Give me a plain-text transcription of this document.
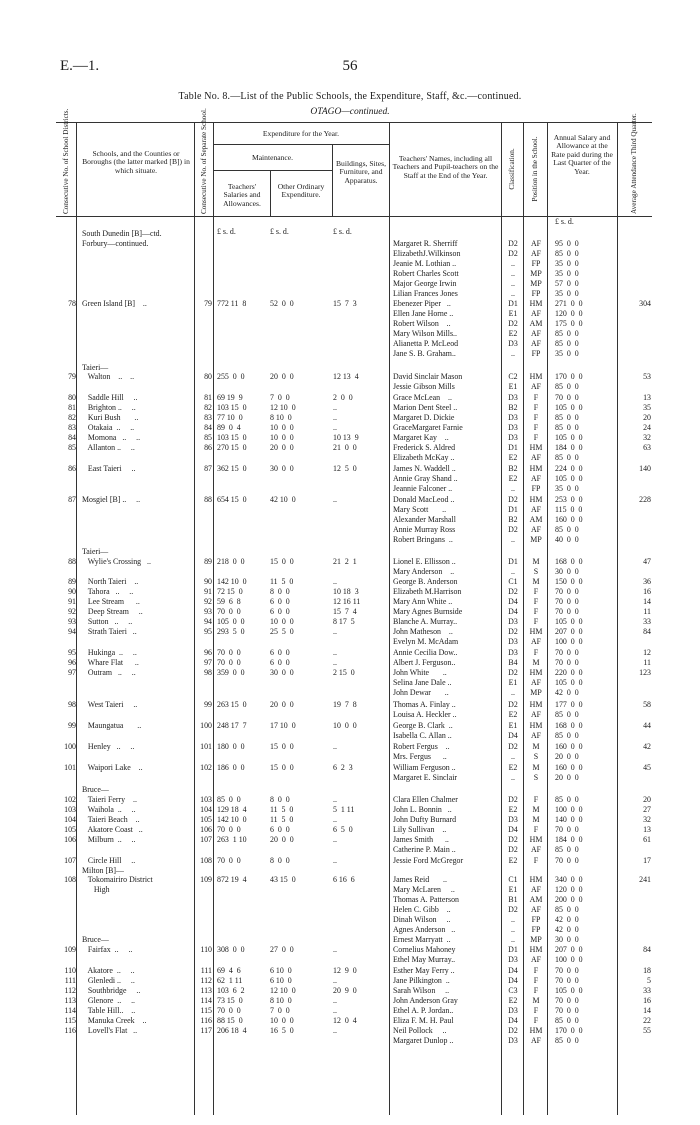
E.—1.	56
Table No. 8.—List of the Public Schools, the Expenditure, Staff, &c.—continued.
OTAGO—continued.
Consecutive No. of School Districts.	Schools, and the Counties or Boroughs (the latter marked [B]) in which situate.	Consecutive No. of Separate School.	Expenditure for the Year.
Maintenance.
Teachers' Salaries and Allowances.
Other Ordinary Expenditure.
Buildings, Sites, Furniture, and Apparatus.
Teachers' Names, including all Teachers and Pupil-teachers on the Staff at the End of the Year.	Classification. Position in the School.	Annual Salary and Allowance at the Rate paid during the Last Quarter of the Year.	Average Attendance Third Quarter.
£ s. d.	£ s. d.	£ s. d.
£ s. d.
South Dunedin [B]—ctd.
Forbury—continued.	Margaret R. Sherriff	D2	AF	95  0  0
ElizabethJ.Wilkinson	D2	AF	85  0  0
Jeanie M. Lothian ..	..	FP	35  0  0
Robert Charles Scott	..	MP	35  0  0
Major George Irwin	..	MP	57  0  0
Lilian Frances Jones	..	FP	35  0  0
78 Green Island [B]    ..	79 772 11  8	52  0  0	15  7  3	Ebenezer Piper   ..	D1	HM	271  0  0	304
Ellen Jane Horne ..	E1	AF	120  0  0
Robert Wilson    ..	D2	AM	175  0  0
Mary Wilson Mills..	E2	AF	85  0  0
Alianetta P. McLeod	D3	AF	85  0  0
Jane S. B. Graham..	..	FP	35  0  0
Taieri—
79 Walton    ..    ..	80 255  0  0	20  0  0	12 13  4	David Sinclair Mason	C2	HM	170  0  0	53
Jessie Gibson Mills	E1	AF	85  0  0
80 Saddle Hill     ..	81 69 19  9	7  0  0	2  0  0	Grace McLean    ..	D3	F	70  0  0	13
81 Brighton ..     ..	82 103 15  0	12 10  0	..	Marion Dent Steel ..	B2	F	105  0  0	35
82 Kuri Bush       ..	83 77 10  0	8 10  0	..	Margaret D. Dickie	D3	F	85  0  0	20
83 Otakaia  ..     ..	84 89  0  4	10  0  0	..	GraceMargaret Farnie	D3	F	85  0  0	24
84 Momona   ..     ..	85 103 15  0	10  0  0	10 13  9	Margaret Kay    ..	D3	F	105  0  0	32
85 Allanton ..     ..	86 270 15  0	20  0  0	21  0  0	Frederick S. Aldred	D1	HM	184  0  0	63
Elizabeth McKay ..	E2	AF	85  0  0
86 East Taieri     ..	87 362 15  0	30  0  0	12  5  0	James N. Waddell ..	B2	HM	224  0  0	140
Annie Gray Shand ..	E2	AF	105  0  0
Jeannie Falconer ..	..	FP	35  0  0
87 Mosgiel [B] ..     ..	88 654 15  0	42 10  0	..	Donald MacLeod ..	D2	HM	253  0  0	228
Mary Scott       ..	D1	AF	115  0  0
Alexander Marshall	B2	AM	160  0  0
Annie Murray Ross	D2	AF	85  0  0
Robert Bringans  ..	..	MP	40  0  0
Taieri—
88 Wylie's Crossing   ..	89 218  0  0	15  0  0	21  2  1	Lionel E. Ellisson ..	D1	M	168  0  0	47
Mary Anderson    ..	..	S	30  0  0
89 North Taieri    ..	90 142 10  0	11  5  0	..	George B. Anderson	C1	M	150  0  0	36
90 Tahora   ..     ..	91 72 15  0	8  0  0	10 18  3	Elizabeth M.Harrison	D2	F	70  0  0	16
91 Lee Stream      ..	92 59  6  8	6  0  0	12 16 11	Mary Ann White ..	D4	F	70  0  0	14
92 Deep Stream     ..	93 70  0  0	6  0  0	15  7  4	Mary Agnes Burnside	D4	F	70  0  0	11
93 Sutton   ..     ..	94 105  0  0	10  0  0	8 17  5	Blanche A. Murray..	D3	F	105  0  0	33
94 Strath Taieri   ..	95 293  5  0	25  5  0	..	John Matheson    ..	D2	HM	207  0  0	84
Evelyn M. McAdam	D3	AF	100  0  0
95 Hukinga  ..     ..	96 70  0  0	6  0  0	..	Annie Cecilia Dow..	D3	F	70  0  0	12
96 Whare Flat      ..	97 70  0  0	6  0  0	..	Albert J. Ferguson..	B4	M	70  0  0	11
97 Outram   ..     ..	98 359  0  0	30  0  0	2 15  0	John White       ..	D2	HM	220  0  0	123
Selina Jane Dale ..	E1	AF	105  0  0
John Dewar       ..	..	MP	42  0  0
98 West Taieri     ..	99 263 15  0	20  0  0	19  7  8	Thomas A. Finlay ..	D2	HM	177  0  0	58
Louisa A. Heckler ..	E2	AF	85  0  0
99 Maungatua       ..	100 248 17  7	17 10  0	10  0  0	George B. Clark  ..	E1	HM	168  0  0	44
Isabella C. Allan ..	D4	AF	85  0  0
100 Henley   ..     ..	101 180  0  0	15  0  0	..	Robert Fergus    ..	D2	M	160  0  0	42
Mrs. Fergus      ..	..	S	20  0  0
101 Waipori Lake    ..	102 186  0  0	15  0  0	6  2  3	William Ferguson ..	E2	M	160  0  0	45
Margaret E. Sinclair	..	S	20  0  0
Bruce—
102 Taieri Ferry    ..	103 85  0  0	8  0  0	..	Clara Ellen Chalmer	D2	F	85  0  0	20
103 Waihola  ..     ..	104 129 18  4	11  5  0	5  1 11	John L. Bonnin   ..	E2	M	100  0  0	27
104 Taieri Beach    ..	105 142 10  0	11  5  0	..	John Dufty Burnard	D3	M	140  0  0	32
105 Akatore Coast   ..	106 70  0  0	6  0  0	6  5  0	Lily Sullivan    ..	D4	F	70  0  0	13
106 Milburn  ..     ..	107 263  1 10	20  0  0	..	James Smith      ..	D2	HM	184  0  0	61
Catherine P. Main ..	D2	AF	85  0  0
107 Circle Hill     ..	108 70  0  0	8  0  0	..	Jessie Ford McGregor	E2	F	70  0  0	17
Milton [B]—
108 Tokomairiro District	109 872 19  4	43 15  0	6 16  6	James Reid       ..	C1	HM	340  0  0	241
High	Mary McLaren     ..	E1	AF	120  0  0
Thomas A. Patterson	B1	AM	200  0  0
Helen C. Gibb    ..	D2	AF	85  0  0
Dinah Wilson     ..	..	FP	42  0  0
Agnes Anderson   ..	..	FP	42  0  0
Bruce—	Ernest Marryatt  ..	..	MP	30  0  0
109 Fairfax  ..     ..	110 308  0  0	27  0  0	..	Cornelius Mahoney	D1	HM	207  0  0	84
Ethel May Murray..	D3	AF	100  0  0
110 Akatore  ..     ..	111 69  4  6	6 10  0	12  9  0	Esther May Ferry ..	D4	F	70  0  0	18
111 Glenledi ..     ..	112 62  1 11	6 10  0	..	Jane Pilkington  ..	D4	F	70  0  0	5
112 Southbridge     ..	113 103  6  2	12 10  0	20  9  0	Sarah Wilson     ..	C3	F	105  0  0	33
113 Glenore  ..     ..	114 73 15  0	8 10  0	..	John Anderson Gray	E2	M	70  0  0	16
114 Table Hill..    ..	115 70  0  0	7  0  0	..	Ethel A. P. Jordan..	D3	F	70  0  0	14
115 Manuka Creek    ..	116 88 15  0	10  0  0	12  0  4	Eliza F. M. H. Paul	D4	F	85  0  0	22
116 Lovell's Flat   ..	117 206 18  4	16  5  0	..	Neil Pollock     ..	D2	HM	170  0  0	55
Margaret Dunlop ..	D3	AF	85  0  0
